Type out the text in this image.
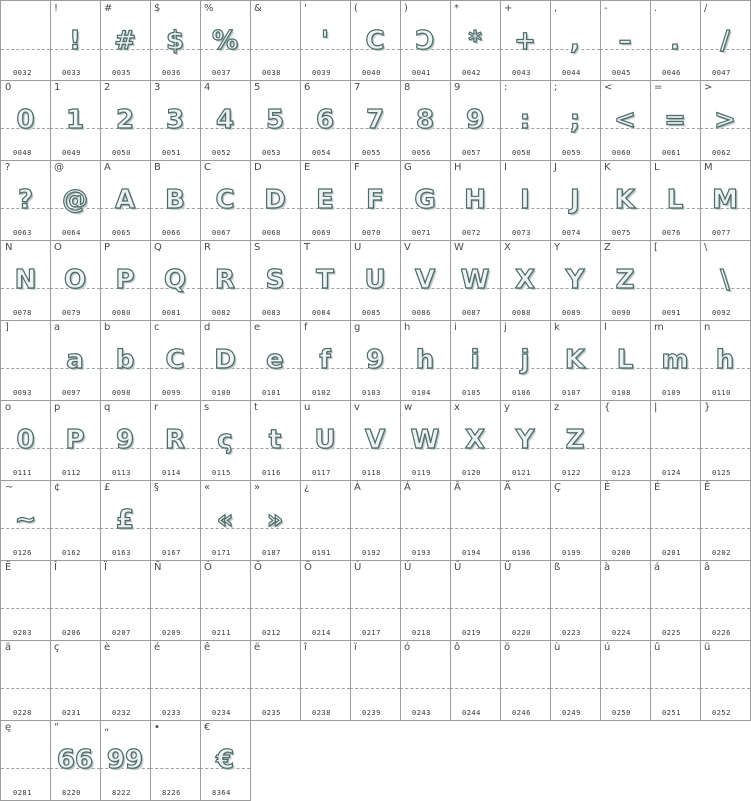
0032
!
!
0033
#
#
0035
$
$
0036
%
%
0037
&
0038
'
'
0039
(
C
0040
)
Ↄ
0041
*
*
0042
+
+
0043
,
,
0044
-
–
0045
.
.
0046
/
/
0047
0
0
0048
1
1
0049
2
2
0050
3
3
0051
4
4
0052
5
5
0053
6
6
0054
7
7
0055
8
8
0056
9
9
0057
:
:
0058
;
;
0059
<
<
0060
=
=
0061
>
>
0062
?
?
0063
@
@
0064
A
A
0065
B
B
0066
C
C
0067
D
D
0068
E
E
0069
F
F
0070
G
G
0071
H
H
0072
I
I
0073
J
J
0074
K
K
0075
L
L
0076
M
M
0077
N
N
0078
O
O
0079
P
P
0080
Q
Q
0081
R
R
0082
S
S
0083
T
T
0084
U
U
0085
V
V
0086
W
W
0087
X
X
0088
Y
Y
0089
Z
Z
0090
[
0091
\
\
0092
]
0093
a
a
0097
b
b
0098
c
C
0099
d
D
0100
e
e
0101
f
f
0102
g
9
0103
h
h
0104
i
i
0105
j
j
0106
k
K
0107
l
L
0108
m
m
0109
n
h
0110
o
0
0111
p
P
0112
q
9
0113
r
R
0114
s
ς
0115
t
t
0116
u
U
0117
v
V
0118
w
W
0119
x
X
0120
y
Y
0121
z
Z
0122
{
0123
|
0124
}
0125
~
~
0126
¢
0162
£
£
0163
§
0167
«
«
0171
»
»
0187
¿
0191
À
0192
Á
0193
Â
0194
Ä
0196
Ç
0199
È
0200
É
0201
Ê
0202
Ë
0203
Î
0206
Ï
0207
Ñ
0209
Ó
0211
Ô
0212
Ö
0214
Ù
0217
Ú
0218
Û
0219
Ü
0220
ß
0223
à
0224
á
0225
â
0226
ä
0228
ç
0231
è
0232
é
0233
ê
0234
ë
0235
î
0238
ï
0239
ó
0243
ô
0244
ö
0246
ù
0249
ú
0250
û
0251
ü
0252
ę
0281
“
66
8220
„
99
8222
•
8226
€
€
8364
